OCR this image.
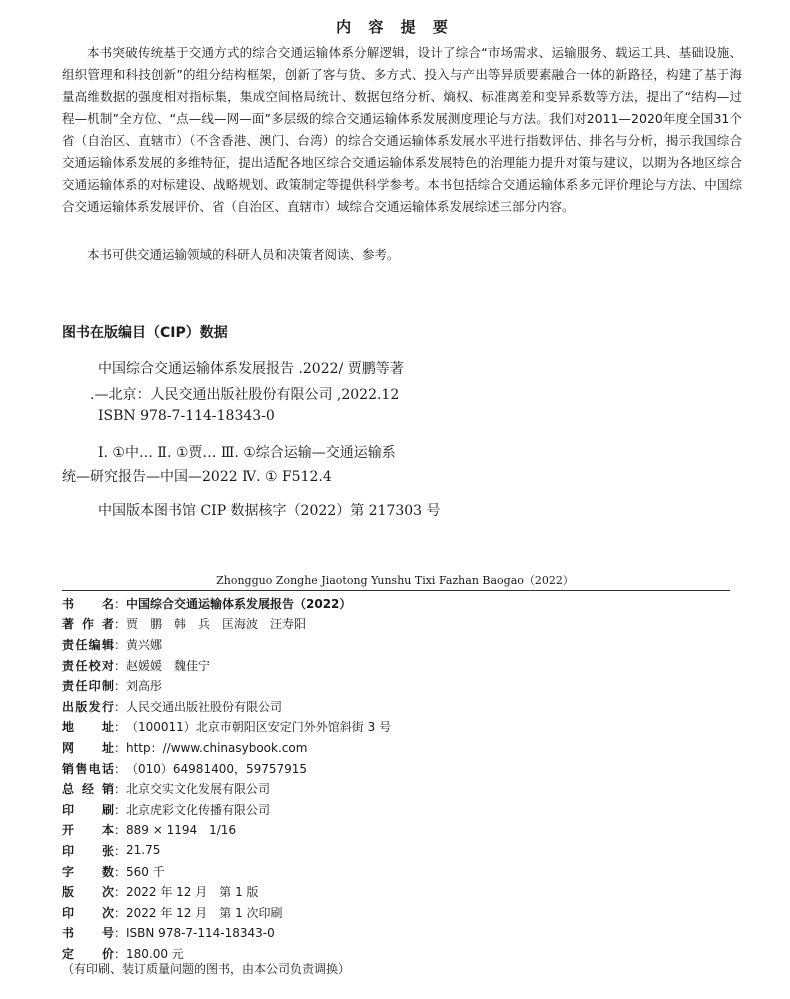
内 容 提 要

本书突破传统基于交通方式的综合交通运输体系分解逻辑，设计了综合“市场需求、运输服务、载运工具、基础设施、组织管理和科技创新”的组分结构框架，创新了客与货、多方式、投入与产出等异质要素融合一体的新路径，构建了基于海量高维数据的强度相对指标集，集成空间格局统计、数据包络分析、熵权、标准离差和变异系数等方法，提出了“结构—过程—机制”全方位、“点—线—网—面”多层级的综合交通运输体系发展测度理论与方法。我们对2011—2020年度全国31个省（自治区、直辖市）（不含香港、澳门、台湾）的综合交通运输体系发展水平进行指数评估、排名与分析，揭示我国综合交通运输体系发展的多维特征，提出适配各地区综合交通运输体系发展特色的治理能力提升对策与建议，以期为各地区综合交通运输体系的对标建设、战略规划、政策制定等提供科学参考。本书包括综合交通运输体系多元评价理论与方法、中国综合交通运输体系发展评价、省（自治区、直辖市）域综合交通运输体系发展综述三部分内容。

本书可供交通运输领域的科研人员和决策者阅读、参考。

图书在版编目（CIP）数据
中国综合交通运输体系发展报告 .2022/ 贾鹏等著
.—北京：人民交通出版社股份有限公司 ,2022.12
ISBN 978-7-114-18343-0
Ⅰ. ①中… Ⅱ. ①贾… Ⅲ. ①综合运输—交通运输系
统—研究报告—中国—2022 Ⅳ. ① F512.4
中国版本图书馆 CIP 数据核字（2022）第 217303 号
Zhongguo Zonghe Jiaotong Yunshu Tixi Fazhan Baogao（2022）
书名 ： 中国综合交通运输体系发展报告（2022）
著作者 ： 贾　鹏　韩　兵　匡海波　汪寿阳
责任编辑 ： 黄兴娜
责任校对 ： 赵媛媛　魏佳宁
责任印制 ： 刘高彤
出版发行 ： 人民交通出版社股份有限公司
地址 ： （100011）北京市朝阳区安定门外外馆斜街 3 号
网址 ： http：//www.chinasybook.com
销售电话 ： （010）64981400，59757915
总经销 ： 北京交实文化发展有限公司
印刷 ： 北京虎彩文化传播有限公司
开本 ： 889 × 1194　1/16
印张 ： 21.75
字数 ： 560 千
版次 ： 2022 年 12 月　第 1 版
印次 ： 2022 年 12 月　第 1 次印刷
书号 ： ISBN 978-7-114-18343-0
定价 ： 180.00 元
（有印刷、装订质量问题的图书，由本公司负责调换）
